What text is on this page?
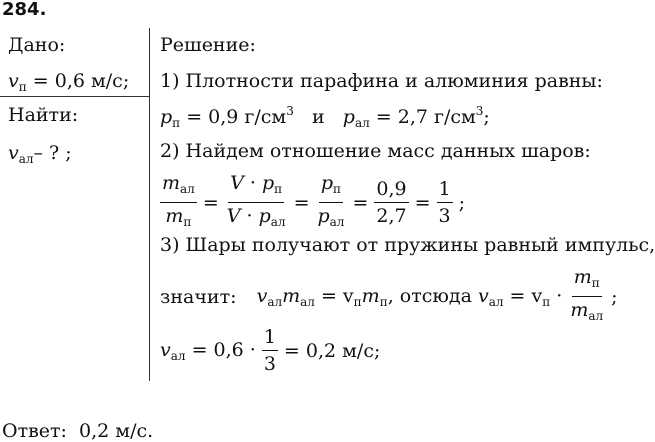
284.
Дано:
$v_п = 0,6$ м/с;
Найти:
$v_{ал}-$ ? ;
Решение:
1) Плотности парафина и алюминия равны:
$p_п = 0,9$ $г/см^3$ и $p_{ал} = 2,7$ $г/см^3$;
2) Найдем отношение масс данных шаров:
$\frac{m_{ал}}{m_п} = \frac{V \cdot p_п}{V \cdot p_{ал}} = \frac{p_п}{p_{ал}} = \frac{0,9}{2,7} = \frac{1}{3}$ ;
3) Шары получают от пружины равный импульс,
значит:
$v_{ал}m_{ал} = v_пm_п$, отсюда $v_{ал} = v_п \cdot \frac{m_п}{m_{ал}}$ ;
$v_{ал} = 0,6 \cdot \frac{1}{3} = 0,2$ м/с;
Ответ: 0,2 м/с.
